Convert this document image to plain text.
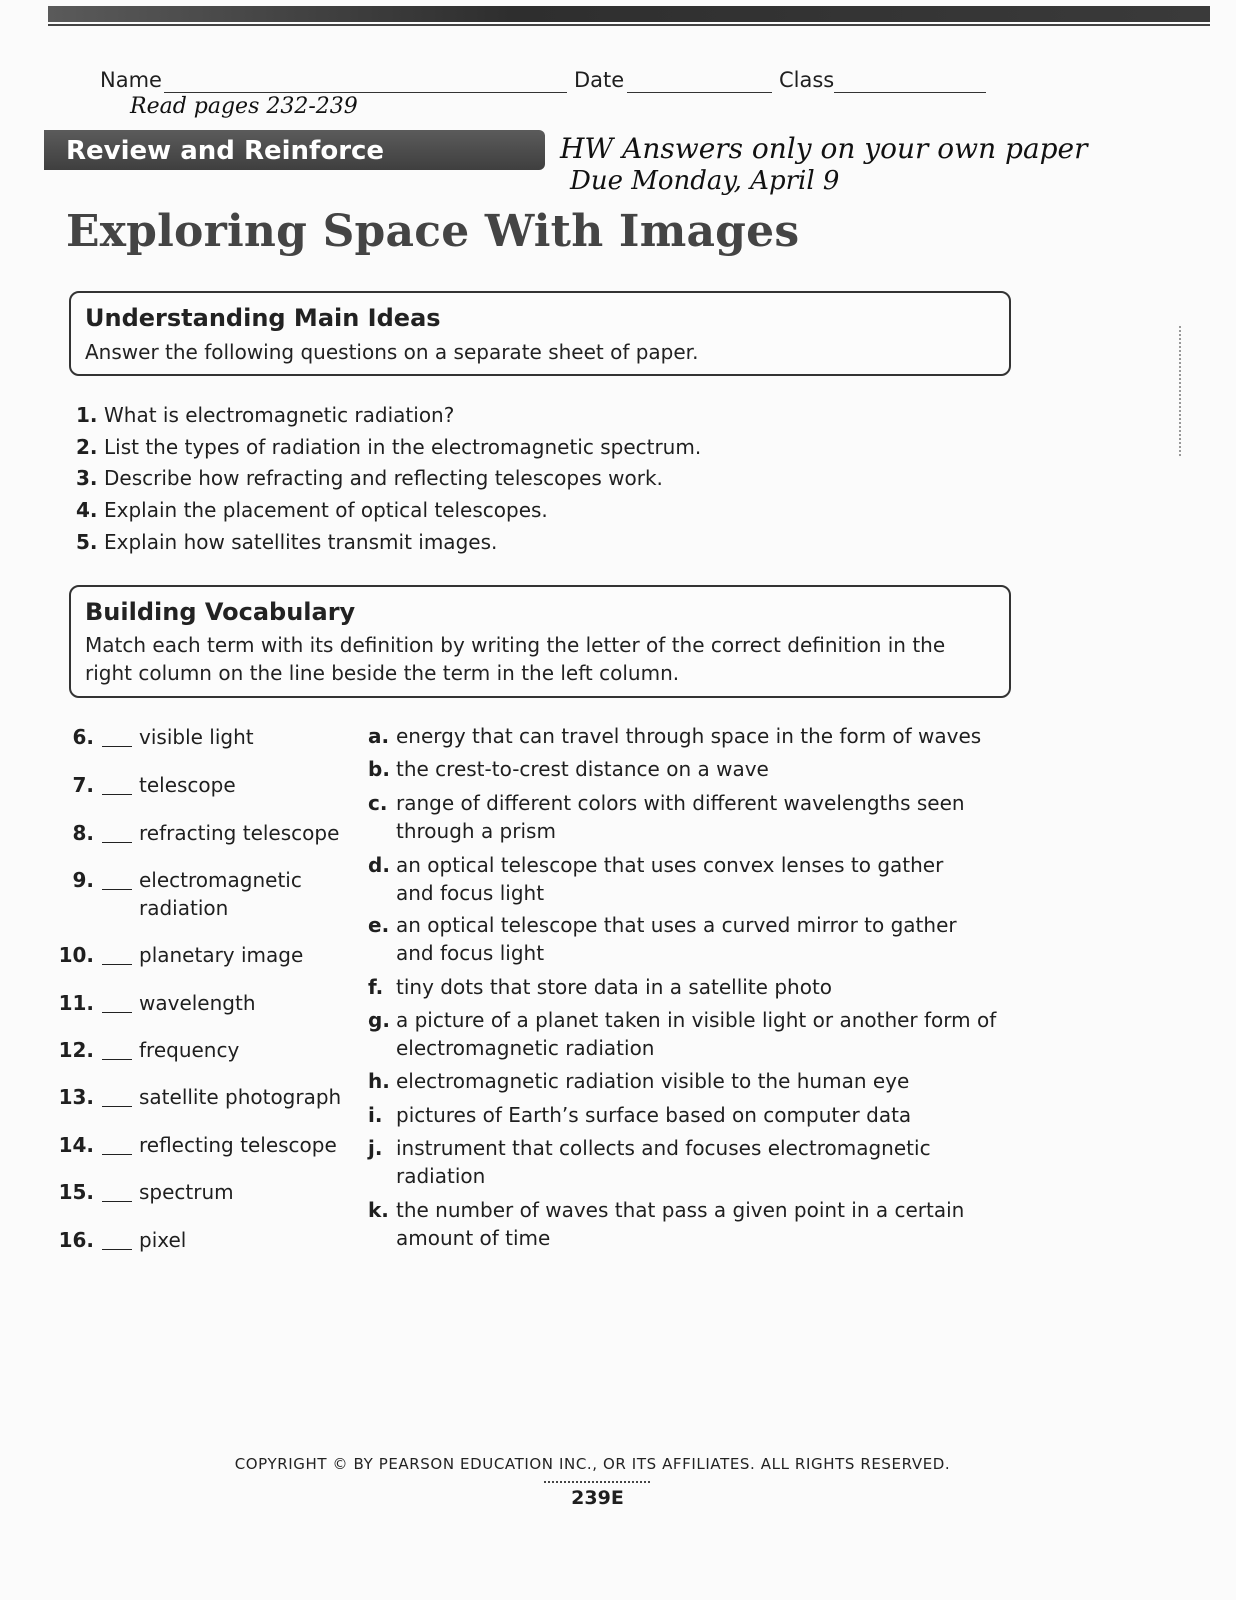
Name	Date	Class
Read pages 232-239
HW Answers only on your own paper
Due Monday, April 9
Review and Reinforce
Exploring Space With Images
Understanding Main Ideas

Answer the following questions on a separate sheet of paper.

1. What is electromagnetic radiation?
2. List the types of radiation in the electromagnetic spectrum.
3. Describe how refracting and reflecting telescopes work.
4. Explain the placement of optical telescopes.
5. Explain how satellites transmit images.
Building Vocabulary

Match each term with its definition by writing the letter of the correct definition in the right column on the line beside the term in the left column.

6. visible light
7. telescope
8. refracting telescope
9. electromagnetic
radiation
10. planetary image
11. wavelength
12. frequency
13. satellite photograph
14. reflecting telescope
15. spectrum
16. pixel
a. energy that can travel through space in the form of waves
b. the crest-to-crest distance on a wave
c. range of different colors with different wavelengths seen through a prism
d. an optical telescope that uses convex lenses to gather and focus light
e. an optical telescope that uses a curved mirror to gather and focus light
f. tiny dots that store data in a satellite photo
g. a picture of a planet taken in visible light or another form of electromagnetic radiation
h. electromagnetic radiation visible to the human eye
i. pictures of Earth’s surface based on computer data
j. instrument that collects and focuses electromagnetic radiation
k. the number of waves that pass a given point in a certain amount of time
COPYRIGHT © BY PEARSON EDUCATION INC., OR ITS AFFILIATES. ALL RIGHTS RESERVED.
239E
